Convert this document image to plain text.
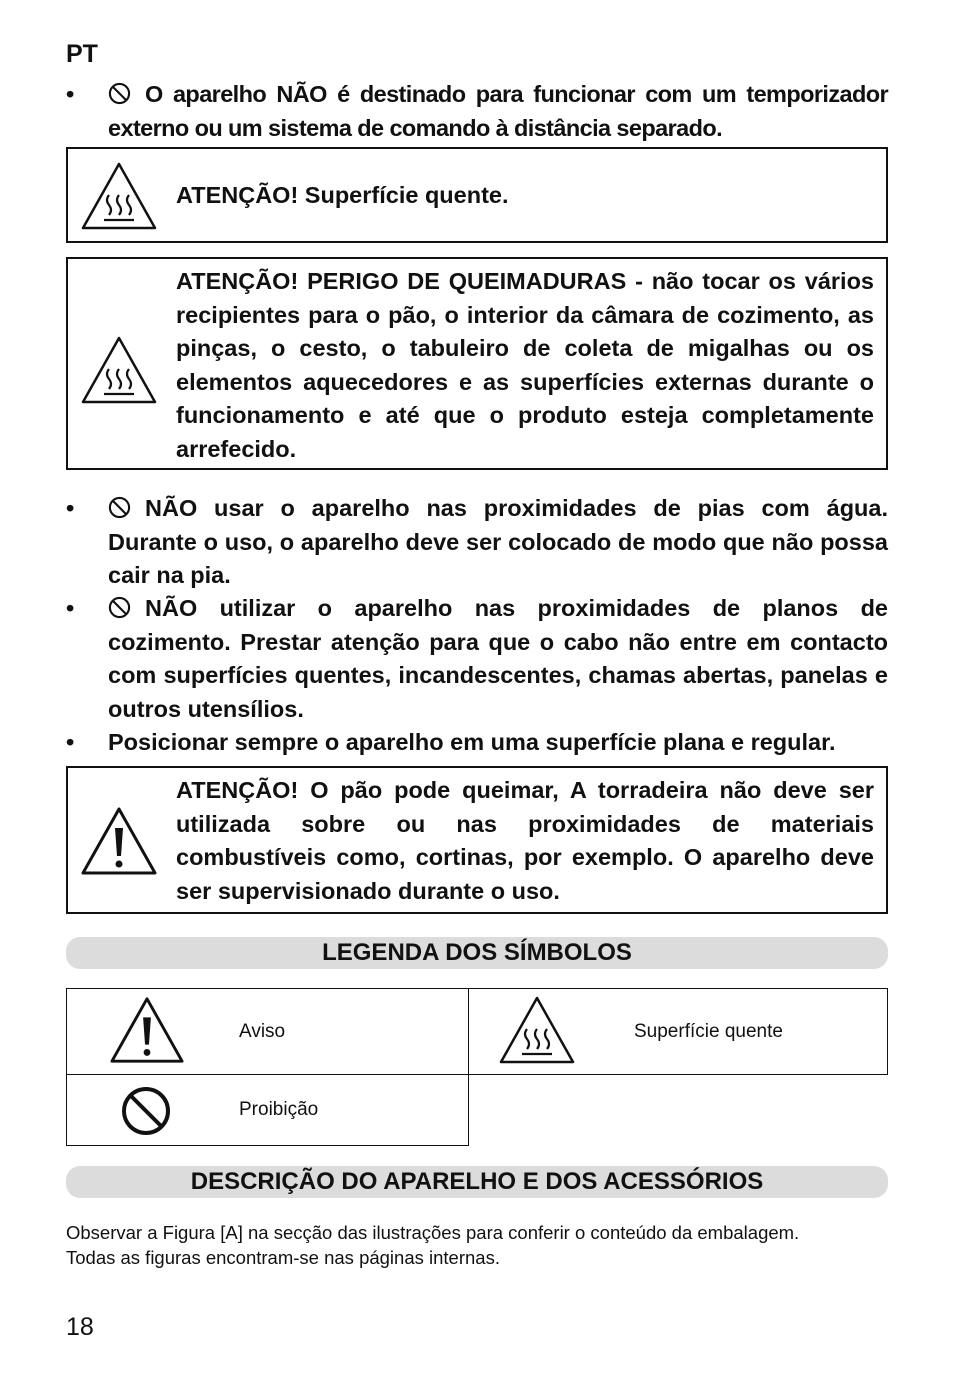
PT
•	O aparelho NÃO é destinado para funcionar com um temporizador externo ou um sistema de comando à distância separado.
ATENÇÃO! Superfície quente.
ATENÇÃO! PERIGO DE QUEIMADURAS - não tocar os vários recipientes para o pão, o interior da câmara de cozimento, as pinças, o cesto, o tabuleiro de coleta de migalhas ou os elementos aquecedores e as superfícies externas durante o funcionamento e até que o produto esteja completamente arrefecido.
•	NÃO usar o aparelho nas proximidades de pias com água. Durante o uso, o aparelho deve ser colocado de modo que não possa cair na pia.
•	NÃO utilizar o aparelho nas proximidades de planos de cozimento. Prestar atenção para que o cabo não entre em contacto com superfícies quentes, incandescentes, chamas abertas, panelas e outros utensílios.
•	Posicionar sempre o aparelho em uma superfície plana e regular.
ATENÇÃO! O pão pode queimar, A torradeira não deve ser utilizada sobre ou nas proximidades de materiais combustíveis como, cortinas, por exemplo. O aparelho deve ser supervisionado durante o uso.
LEGENDA DOS SÍMBOLOS
Aviso	Superfície quente
Proibição
DESCRIÇÃO DO APARELHO E DOS ACESSÓRIOS
Observar a Figura [A] na secção das ilustrações para conferir o conteúdo da embalagem.
Todas as figuras encontram-se nas páginas internas.
18
